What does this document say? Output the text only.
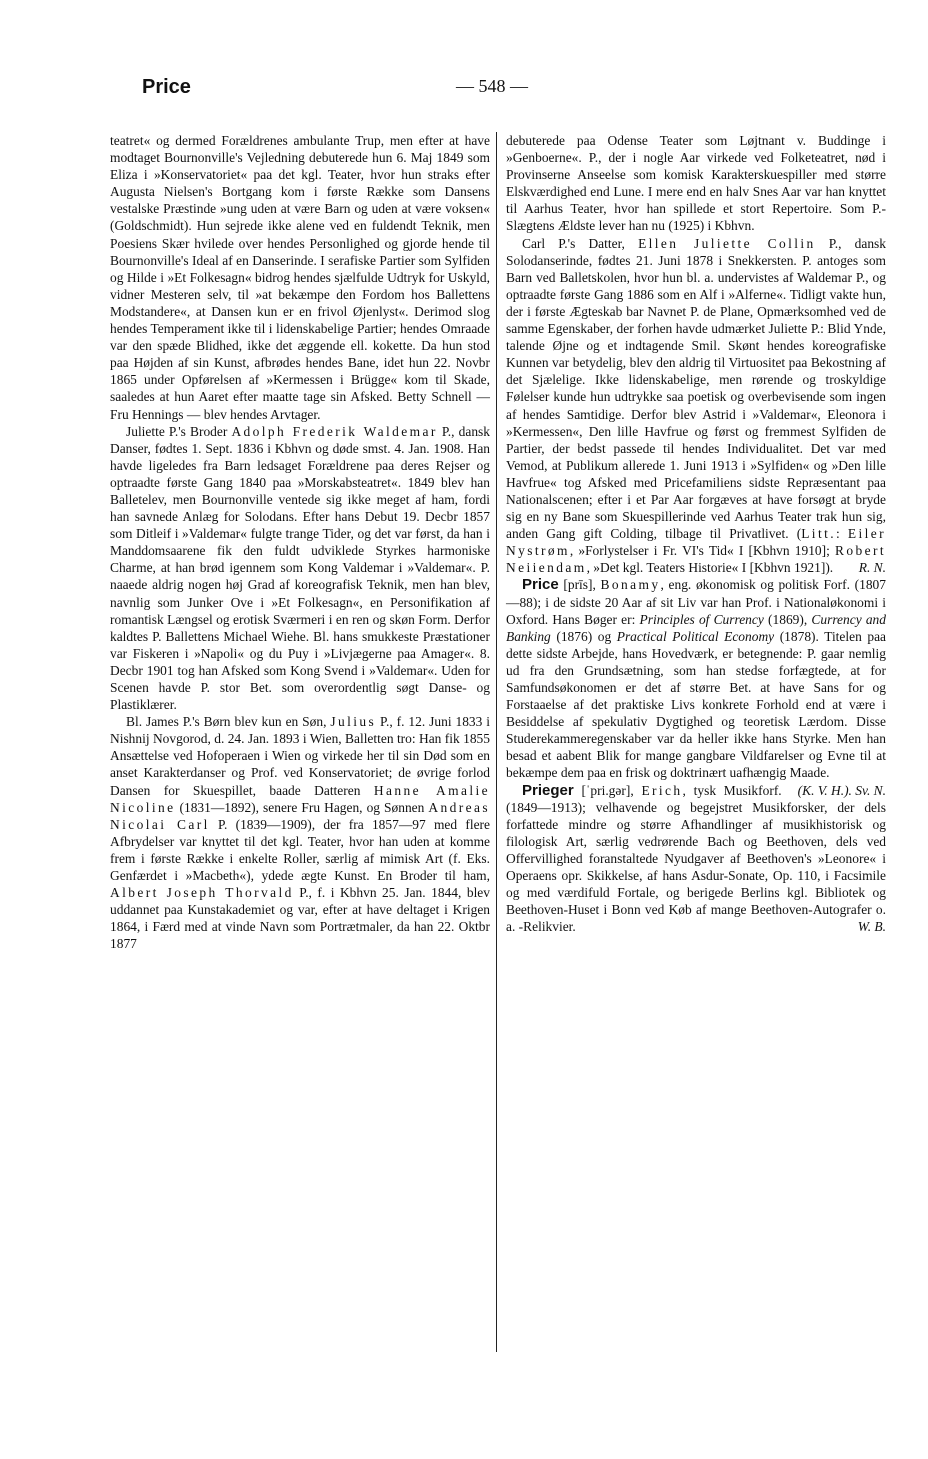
Price	— 548 —

teatret« og dermed Forældrenes ambulante Trup, men efter at have modtaget Bournonville's Vejledning debuterede hun 6. Maj 1849 som Eliza i »Konservatoriet« paa det kgl. Teater, hvor hun straks efter Augusta Nielsen's Bortgang kom i første Række som Dansens vestalske Præstinde »ung uden at være Barn og uden at være voksen« (Goldschmidt). Hun sejrede ikke alene ved en fuldendt Teknik, men Poesiens Skær hvilede over hendes Personlighed og gjorde hende til Bournonville's Ideal af en Danserinde. I serafiske Partier som Sylfiden og Hilde i »Et Folkesagn« bidrog hendes sjælfulde Udtryk for Uskyld, vidner Mesteren selv, til »at bekæmpe den Fordom hos Ballettens Modstandere«, at Dansen kun er en frivol Øjenlyst«. Derimod slog hendes Temperament ikke til i lidenskabelige Partier; hendes Omraade var den spæde Blidhed, ikke det æggende ell. kokette. Da hun stod paa Højden af sin Kunst, afbrødes hendes Bane, idet hun 22. Novbr 1865 under Opførelsen af »Kermessen i Brügge« kom til Skade, saaledes at hun Aaret efter maatte tage sin Afsked. Betty Schnell — Fru Hennings — blev hendes Arvtager.

Juliette P.'s Broder Adolph Frederik Waldemar P., dansk Danser, fødtes 1. Sept. 1836 i Kbhvn og døde smst. 4. Jan. 1908. Han havde ligeledes fra Barn ledsaget Forældrene paa deres Rejser og optraadte første Gang 1840 paa »Morskabsteatret«. 1849 blev han Balletelev, men Bournonville ventede sig ikke meget af ham, fordi han savnede Anlæg for Solodans. Efter hans Debut 19. Decbr 1857 som Ditleif i »Valdemar« fulgte trange Tider, og det var først, da han i Manddomsaarene fik den fuldt udviklede Styrkes harmoniske Charme, at han brød igennem som Kong Valdemar i »Valdemar«. P. naaede aldrig nogen høj Grad af koreografisk Teknik, men han blev, navnlig som Junker Ove i »Et Folkesagn«, en Personifikation af romantisk Længsel og erotisk Sværmeri i en ren og skøn Form. Derfor kaldtes P. Ballettens Michael Wiehe. Bl. hans smukkeste Præstationer var Fiskeren i »Napoli« og du Puy i »Livjægerne paa Amager«. 8. Decbr 1901 tog han Afsked som Kong Svend i »Valdemar«. Uden for Scenen havde P. stor Bet. som overordentlig søgt Danse- og Plastiklærer.

Bl. James P.'s Børn blev kun en Søn, Julius P., f. 12. Juni 1833 i Nishnij Novgorod, d. 24. Jan. 1893 i Wien, Balletten tro: Han fik 1855 Ansættelse ved Hofoperaen i Wien og virkede her til sin Død som en anset Karakterdanser og Prof. ved Konservatoriet; de øvrige forlod Dansen for Skuespillet, baade Datteren Hanne Amalie Nicoline (1831—1892), senere Fru Hagen, og Sønnen Andreas Nicolai Carl P. (1839—1909), der fra 1857—97 med flere Afbrydelser var knyttet til det kgl. Teater, hvor han uden at komme frem i første Række i enkelte Roller, særlig af mimisk Art (f. Eks. Genfærdet i »Macbeth«), ydede ægte Kunst. En Broder til ham, Albert Joseph Thorvald P., f. i Kbhvn 25. Jan. 1844, blev uddannet paa Kunstakademiet og var, efter at have deltaget i Krigen 1864, i Færd med at vinde Navn som Portrætmaler, da han 22. Oktbr 1877

debuterede paa Odense Teater som Løjtnant v. Buddinge i »Genboerne«. P., der i nogle Aar virkede ved Folketeatret, nød i Provinserne Anseelse som komisk Karakterskuespiller med større Elskværdighed end Lune. I mere end en halv Snes Aar var han knyttet til Aarhus Teater, hvor han spillede et stort Repertoire. Som P.-Slægtens Ældste lever han nu (1925) i Kbhvn.

Carl P.'s Datter, Ellen Juliette Collin P., dansk Solodanserinde, fødtes 21. Juni 1878 i Snekkersten. P. antoges som Barn ved Balletskolen, hvor hun bl. a. undervistes af Waldemar P., og optraadte første Gang 1886 som en Alf i »Alferne«. Tidligt vakte hun, der i første Ægteskab bar Navnet P. de Plane, Opmærksomhed ved de samme Egenskaber, der forhen havde udmærket Juliette P.: Blid Ynde, talende Øjne og et indtagende Smil. Skønt hendes koreografiske Kunnen var betydelig, blev den aldrig til Virtuositet paa Bekostning af det Sjælelige. Ikke lidenskabelige, men rørende og troskyldige Følelser kunde hun udtrykke saa poetisk og overbevisende som ingen af hendes Samtidige. Derfor blev Astrid i »Valdemar«, Eleonora i »Kermessen«, Den lille Havfrue og først og fremmest Sylfiden de Partier, der bedst passede til hendes Individualitet. Det var med Vemod, at Publikum allerede 1. Juni 1913 i »Sylfiden« og »Den lille Havfrue« tog Afsked med Pricefamiliens sidste Repræsentant paa Nationalscenen; efter i et Par Aar forgæves at have forsøgt at bryde sig en ny Bane som Skuespillerinde ved Aarhus Teater trak hun sig, anden Gang gift Colding, tilbage til Privatlivet. (Litt.: Eiler Nystrøm, »Forlystelser i Fr. VI's Tid« I [Kbhvn 1910]; Robert Neiiendam, »Det kgl. Teaters Historie« I [Kbhvn 1921]).	R. N.

Price [prīs], Bonamy, eng. økonomisk og politisk Forf. (1807—88); i de sidste 20 Aar af sit Liv var han Prof. i Nationaløkonomi i Oxford. Hans Bøger er: Principles of Currency (1869), Currency and Banking (1876) og Practical Political Economy (1878). Titelen paa dette sidste Arbejde, hans Hovedværk, er betegnende: P. gaar nemlig ud fra den Grundsætning, som han stedse forfægtede, at for Samfundsøkonomen er det af større Bet. at have Sans for og Forstaaelse af det praktiske Livs konkrete Forhold end at være i Besiddelse af spekulativ Dygtighed og teoretisk Lærdom. Disse Studerekammeregenskaber var da heller ikke hans Styrke. Men han besad et aabent Blik for mange gangbare Vildfarelser og Evne til at bekæmpe dem paa en frisk og doktrinært uafhængig Maade.
(K. V. H.). Sv. N.

Prieger [ˈpri.gər], Erich, tysk Musikforf. (1849—1913); velhavende og begejstret Musikforsker, der dels forfattede mindre og større Afhandlinger af musikhistorisk og filologisk Art, særlig vedrørende Bach og Beethoven, dels ved Offervillighed foranstaltede Nyudgaver af Beethoven's »Leonore« i Operaens opr. Skikkelse, af hans Asdur-Sonate, Op. 110, i Facsimile og med værdifuld Fortale, og berigede Berlins kgl. Bibliotek og Beethoven-Huset i Bonn ved Køb af mange Beethoven-Autografer o. a. -Relikvier.	W. B.
